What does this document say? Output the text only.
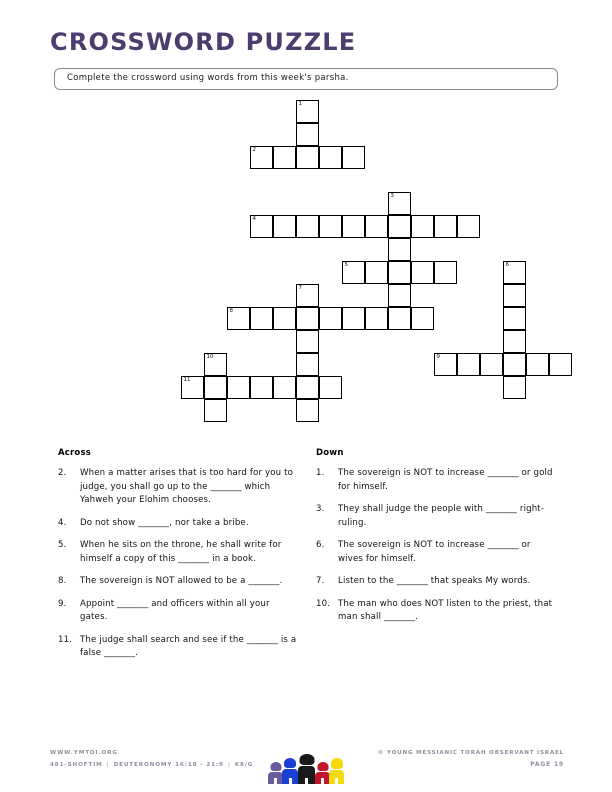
CROSSWORD PUZZLE
Complete the crossword using words from this week's parsha.
1
2
3
4
5	6
7
8
9
10
11
Across
2.	When a matter arises that is too hard for you to judge, you shall go up to the _______ which Yahweh your Elohim chooses.
4.	Do not show _______, nor take a bribe.
5.	When he sits on the throne, he shall write for himself a copy of this _______ in a book.
8.	The sovereign is NOT allowed to be a _______.
9.	Appoint _______ and officers within all your gates.
11. The judge shall search and see if the _______ is a false _______.
Down
1.	The sovereign is NOT to increase _______ or gold for himself.
3.	They shall judge the people with _______ right-ruling.
6.	The sovereign is NOT to increase _______ or wives for himself.
7.	Listen to the _______ that speaks My words.
10. The man who does NOT listen to the priest, that man shall _______.
WWW.YMTOI.ORG
481-SHOFTIM | DEUTERONOMY 16:18 - 21:9 | K8/G
© YOUNG MESSIANIC TORAH OBSERVANT ISRAEL
PAGE 19
